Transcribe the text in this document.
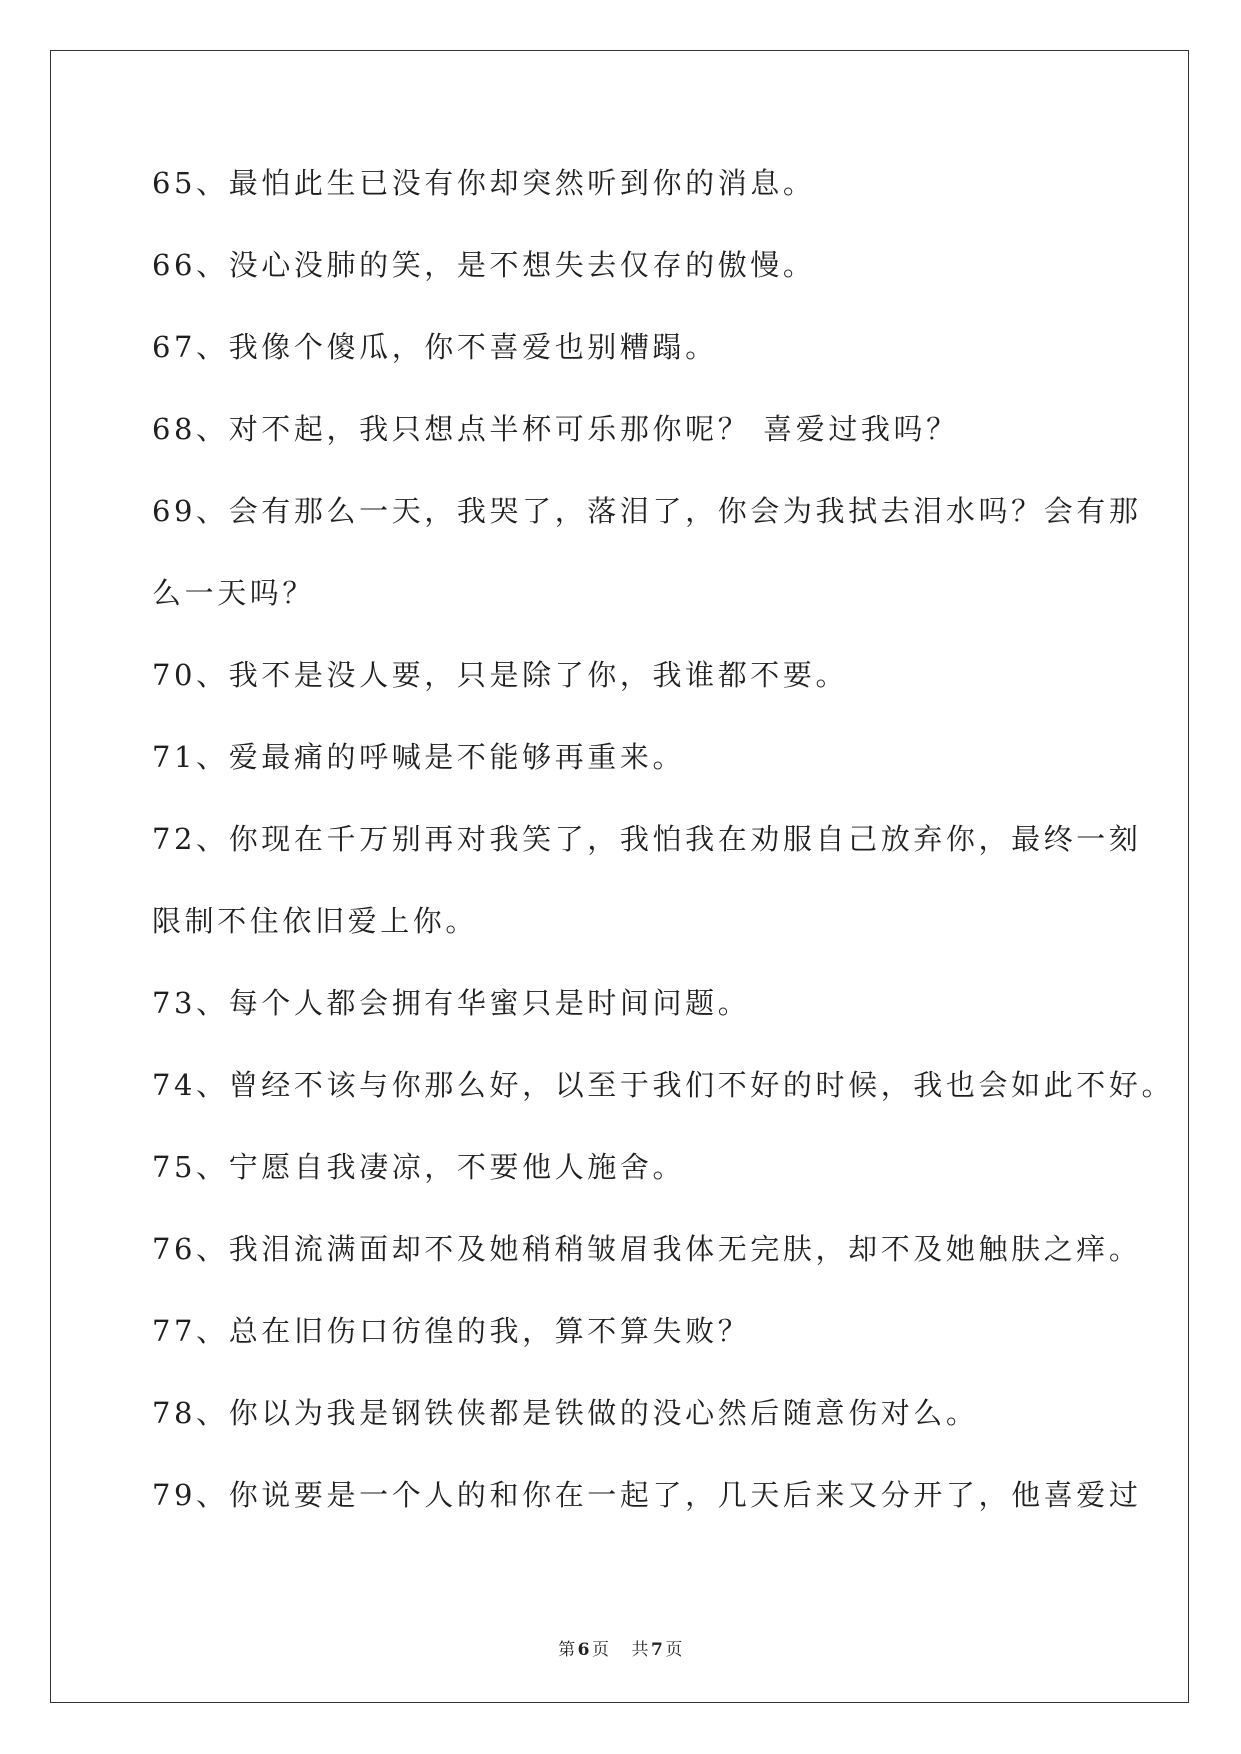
65、最怕此生已没有你却突然听到你的消息。

66、没心没肺的笑，是不想失去仅存的傲慢。

67、我像个傻瓜，你不喜爱也别糟蹋。

68、对不起，我只想点半杯可乐那你呢？ 喜爱过我吗？

69、会有那么一天，我哭了，落泪了，你会为我拭去泪水吗？会有那

么一天吗？

70、我不是没人要，只是除了你，我谁都不要。

71、爱最痛的呼喊是不能够再重来。

72、你现在千万别再对我笑了，我怕我在劝服自己放弃你，最终一刻

限制不住依旧爱上你。

73、每个人都会拥有华蜜只是时间问题。

74、曾经不该与你那么好，以至于我们不好的时候，我也会如此不好。

75、宁愿自我凄凉，不要他人施舍。

76、我泪流满面却不及她稍稍皱眉我体无完肤，却不及她触肤之痒。

77、总在旧伤口彷徨的我，算不算失败？

78、你以为我是钢铁侠都是铁做的没心然后随意伤对么。

79、你说要是一个人的和你在一起了，几天后来又分开了，他喜爱过

第 6 页 共 7 页
